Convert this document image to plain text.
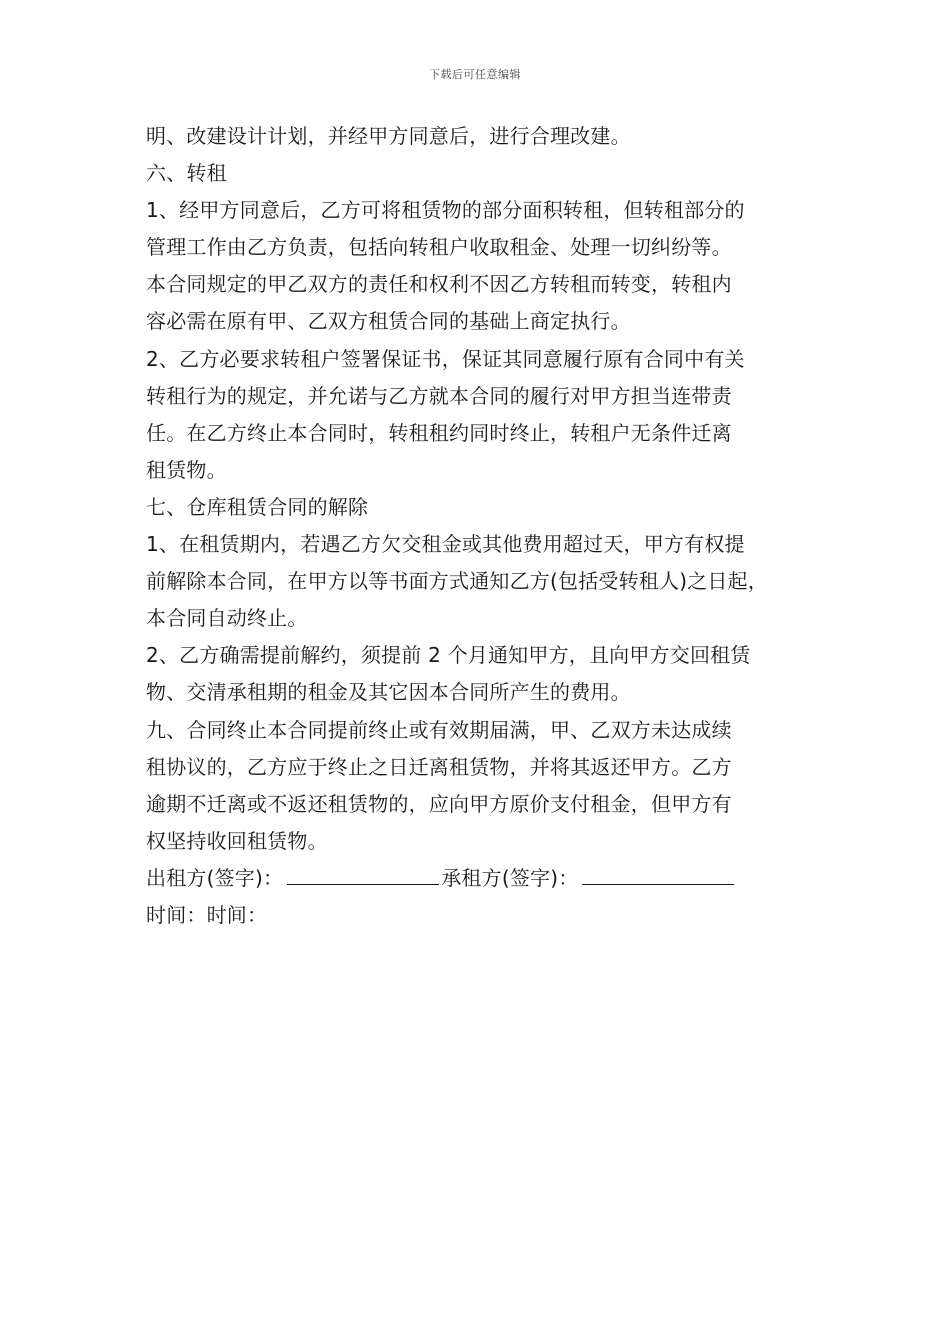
下载后可任意编辑
明、改建设计计划，并经甲方同意后，进行合理改建。
六、转租
1、经甲方同意后，乙方可将租赁物的部分面积转租，但转租部分的
管理工作由乙方负责，包括向转租户收取租金、处理一切纠纷等。
本合同规定的甲乙双方的责任和权利不因乙方转租而转变，转租内
容必需在原有甲、乙双方租赁合同的基础上商定执行。
2、乙方必要求转租户签署保证书，保证其同意履行原有合同中有关
转租行为的规定，并允诺与乙方就本合同的履行对甲方担当连带责
任。在乙方终止本合同时，转租租约同时终止，转租户无条件迁离
租赁物。
七、仓库租赁合同的解除
1、在租赁期内，若遇乙方欠交租金或其他费用超过天，甲方有权提
前解除本合同，在甲方以等书面方式通知乙方(包括受转租人)之日起，
本合同自动终止。
2、乙方确需提前解约，须提前 2 个月通知甲方，且向甲方交回租赁
物、交清承租期的租金及其它因本合同所产生的费用。
九、合同终止本合同提前终止或有效期届满，甲、乙双方未达成续
租协议的，乙方应于终止之日迁离租赁物，并将其返还甲方。乙方
逾期不迁离或不返还租赁物的，应向甲方原价支付租金，但甲方有
权坚持收回租赁物。
出租方(签字)：	承租方(签字)：
时间：时间：
